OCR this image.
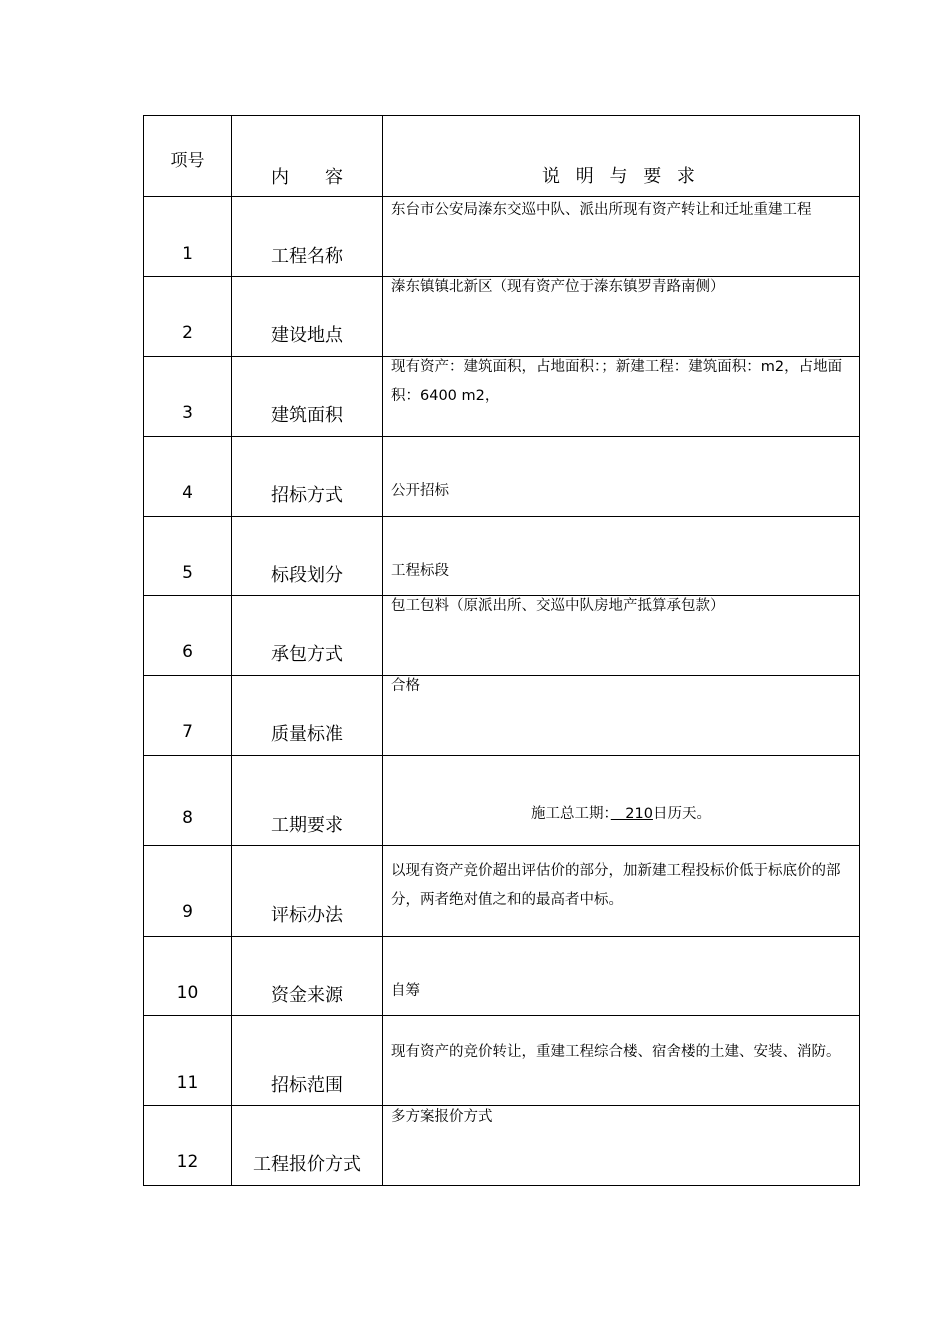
项号	内　　容	说 明 与 要 求

1	工程名称	东台市公安局溱东交巡中队、派出所现有资产转让和迁址重建工程

2	建设地点	溱东镇镇北新区（现有资产位于溱东镇罗青路南侧）

3	建筑面积	现有资产：建筑面积，占地面积：；新建工程：建筑面积：m2，占地面积：6400 m2，

4	招标方式	公开招标

5	标段划分	工程标段

6	承包方式	包工包料（原派出所、交巡中队房地产抵算承包款）

7	质量标准	合格

8	工期要求	施工总工期：　210日历天。

9	评标办法	以现有资产竞价超出评估价的部分，加新建工程投标价低于标底价的部分，两者绝对值之和的最高者中标。

10	资金来源	自筹

11	招标范围	现有资产的竞价转让，重建工程综合楼、宿舍楼的土建、安装、消防。

12	工程报价方式	多方案报价方式
